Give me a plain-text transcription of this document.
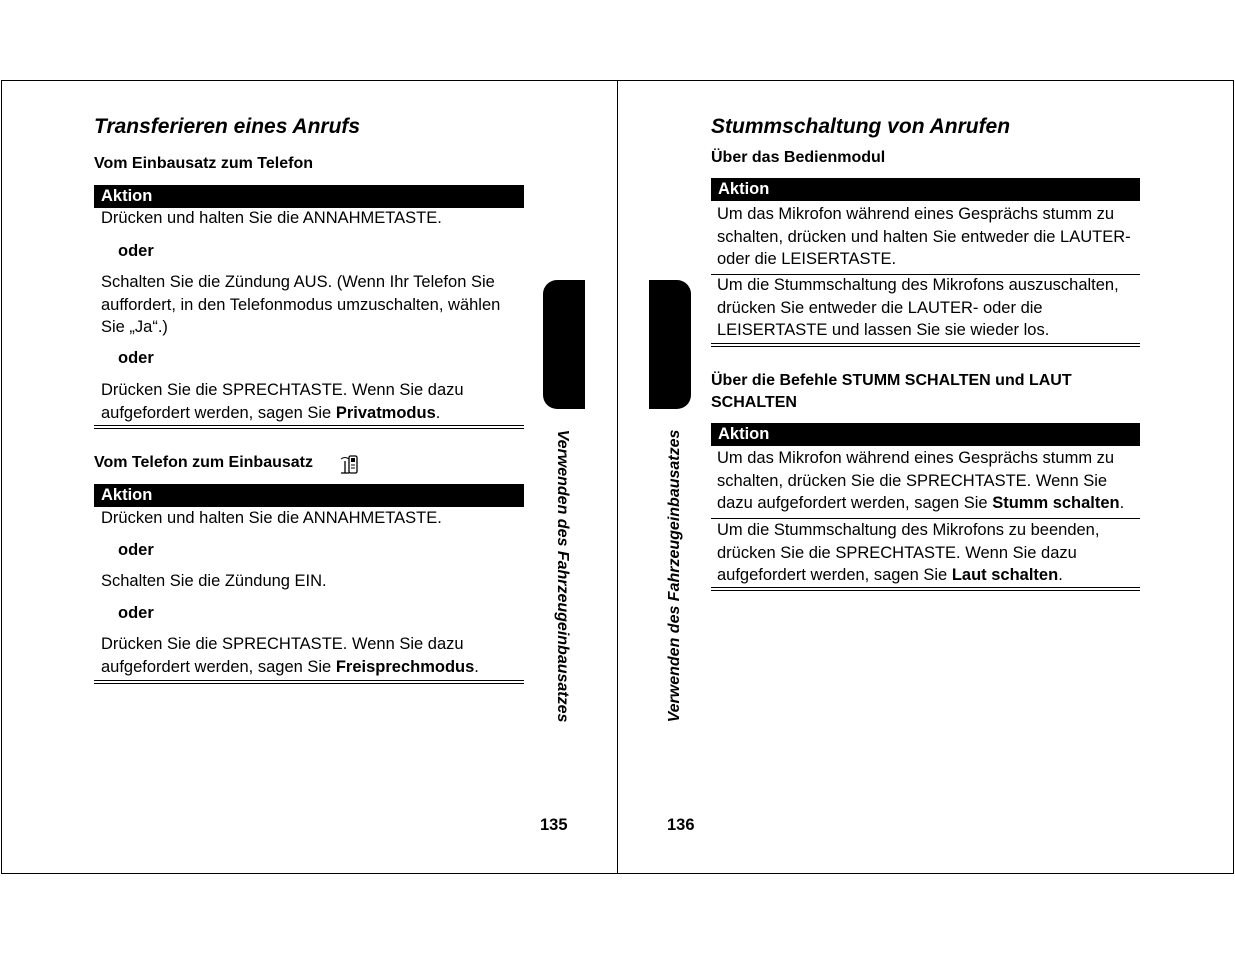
Transferieren eines Anrufs
Vom Einbausatz zum Telefon
Aktion
Drücken und halten Sie die ANNAHMETASTE.
oder
Schalten Sie die Zündung AUS. (Wenn Ihr Telefon Sie auffordert, in den Telefonmodus umzuschalten, wählen Sie „Ja“.)
oder
Drücken Sie die SPRECHTASTE. Wenn Sie dazu aufgefordert werden, sagen Sie Privatmodus.
Vom Telefon zum Einbausatz
Aktion
Drücken und halten Sie die ANNAHMETASTE.
oder
Schalten Sie die Zündung EIN.
oder
Drücken Sie die SPRECHTASTE. Wenn Sie dazu aufgefordert werden, sagen Sie Freisprechmodus.	Verwenden des Fahrzeugeinbausatzes
135
Stummschaltung von Anrufen
Über das Bedienmodul
Aktion
Um das Mikrofon während eines Gesprächs stumm zu schalten, drücken und halten Sie entweder die LAUTER- oder die LEISERTASTE.
Um die Stummschaltung des Mikrofons auszuschalten, drücken Sie entweder die LAUTER- oder die LEISERTASTE und lassen Sie sie wieder los.
Über die Befehle STUMM SCHALTEN und LAUT SCHALTEN
Aktion
Um das Mikrofon während eines Gesprächs stumm zu schalten, drücken Sie die SPRECHTASTE. Wenn Sie dazu aufgefordert werden, sagen Sie Stumm schalten.
Um die Stummschaltung des Mikrofons zu beenden, drücken Sie die SPRECHTASTE. Wenn Sie dazu aufgefordert werden, sagen Sie Laut schalten.
Verwenden des Fahrzeugeinbausatzes
136
